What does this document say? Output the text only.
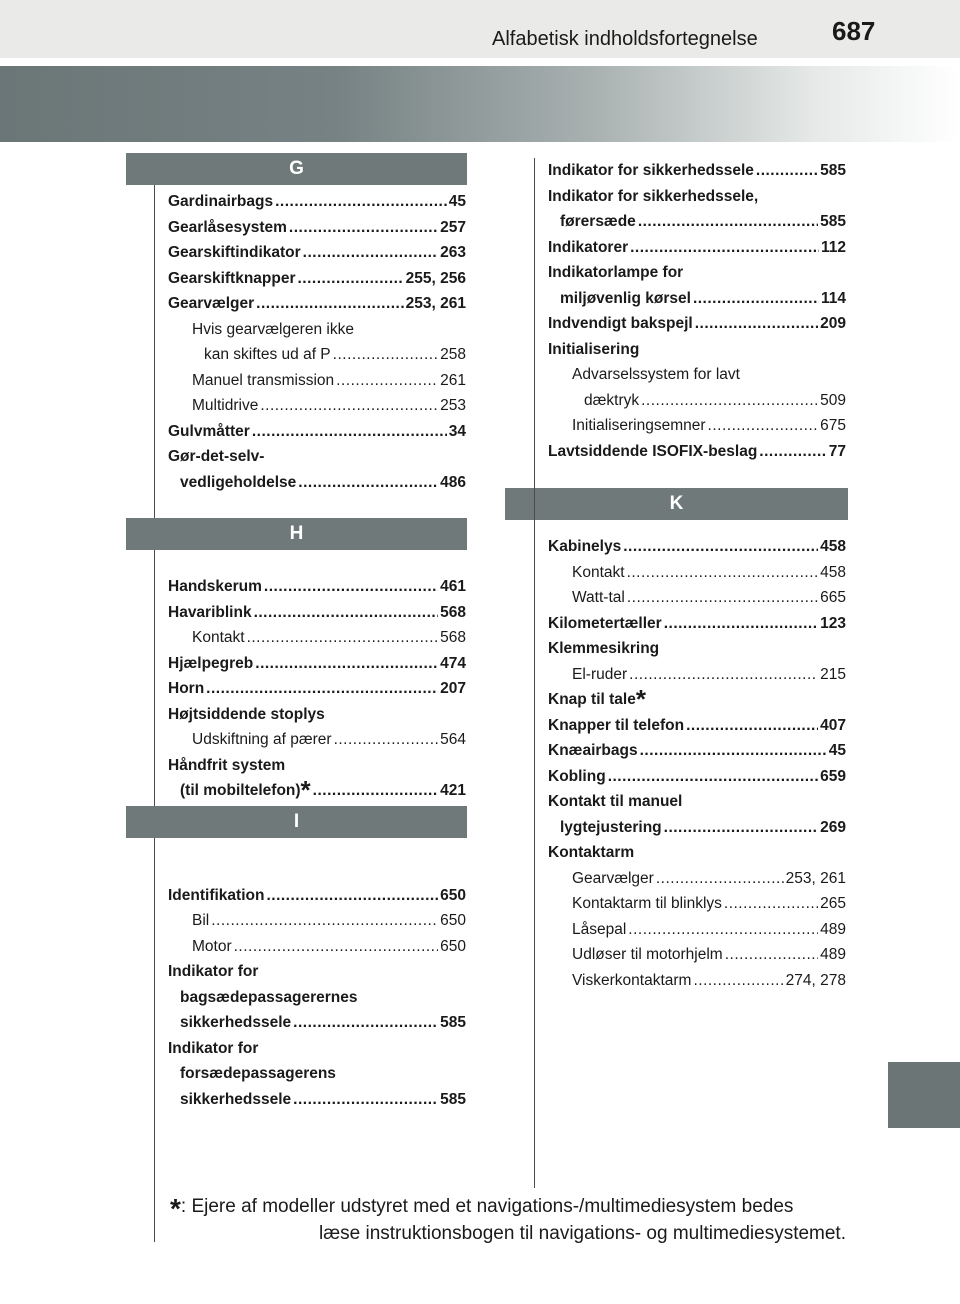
Alfabetisk indholdsfortegnelse	687
G
H
I
K
Gardinairbags .....	45
Gearlåsesystem .....	257
Gearskiftindikator .....	263
Gearskiftknapper .....	255, 256
Gearvælger .....	253, 261
Hvis gearvælgeren ikke
kan skiftes ud af P .....	258
Manuel transmission .....	261
Multidrive .....	253
Gulvmåtter .....	34
Gør-det-selv-
vedligeholdelse .....	486
Handskerum .....	461
Havariblink .....	568
Kontakt .....	568
Hjælpegreb .....	474
Horn .....	207
Højtsiddende stoplys
Udskiftning af pærer .....	564
Håndfrit system
(til mobiltelefon)* .....	421
Identifikation .....	650
Bil .....	650
Motor .....	650
Indikator for
bagsædepassagerernes
sikkerhedssele .....	585
Indikator for
forsædepassagerens
sikkerhedssele .....	585
Indikator for sikkerhedssele .....	585
Indikator for sikkerhedssele,
førersæde .....	585
Indikatorer .....	112
Indikatorlampe for
miljøvenlig kørsel .....	114
Indvendigt bakspejl .....	209
Initialisering
Advarselssystem for lavt
dæktryk .....	509
Initialiseringsemner .....	675
Lavtsiddende ISOFIX-beslag .....	77
Kabinelys .....	458
Kontakt .....	458
Watt-tal .....	665
Kilometertæller .....	123
Klemmesikring
El-ruder .....	215
Knap til tale*
Knapper til telefon .....	407
Knæairbags .....	45
Kobling .....	659
Kontakt til manuel
lygtejustering .....	269
Kontaktarm
Gearvælger .....	253, 261
Kontaktarm til blinklys .....	265
Låsepal .....	489
Udløser til motorhjelm .....	489
Viskerkontaktarm .....	274, 278
*: Ejere af modeller udstyret med et navigations-/multimediesystem bedes
læse instruktionsbogen til navigations- og multimediesystemet.
